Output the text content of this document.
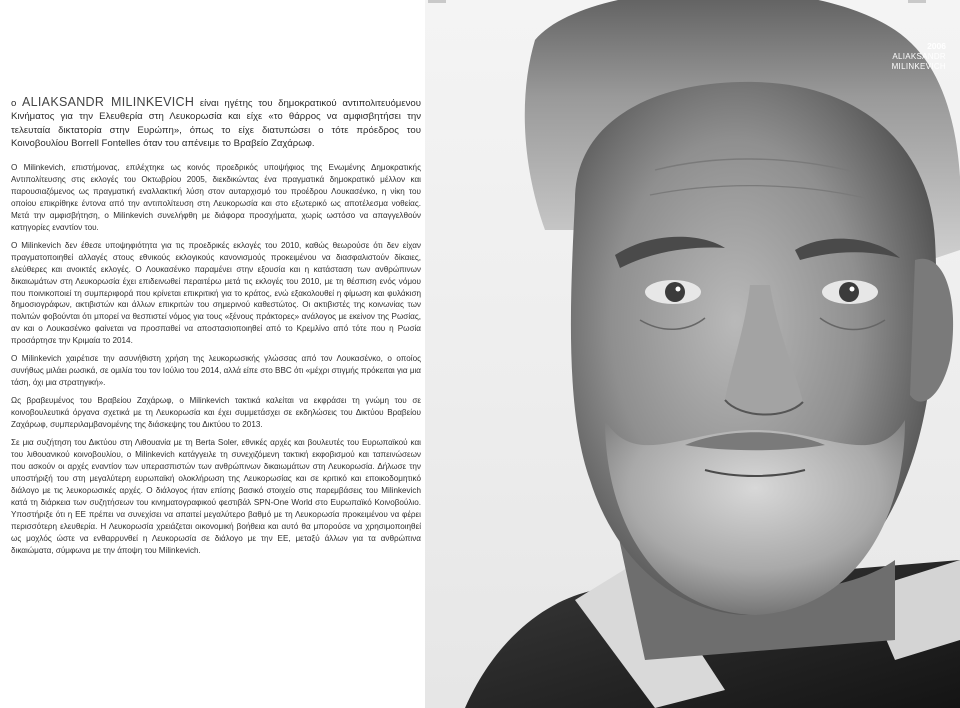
ο ALIAKSANDR MILINKEVICH είναι ηγέτης του δημοκρατικού αντιπολιτευόμενου Κινήματος για την Ελευθερία στη Λευκορωσία και είχε «το θάρρος να αμφισβητήσει την τελευταία δικτατορία στην Ευρώπη», όπως το είχε διατυπώσει ο τότε πρόεδρος του Κοινοβουλίου Borrell Fontelles όταν του απένειμε το Βραβείο Ζαχάρωφ.

Ο Milinkevich, επιστήμονας, επιλέχτηκε ως κοινός προεδρικός υποψήφιος της Ενωμένης Δημοκρατικής Αντιπολίτευσης στις εκλογές του Οκτωβρίου 2005, διεκδικώντας ένα πραγματικά δημοκρατικό μέλλον και παρουσιαζόμενος ως πραγματική εναλλακτική λύση στον αυταρχισμό του προέδρου Λουκασένκο, η νίκη του οποίου επικρίθηκε έντονα από την αντιπολίτευση στη Λευκορωσία και στο εξωτερικό ως αποτέλεσμα νοθείας. Μετά την αμφισβήτηση, ο Milinkevich συνελήφθη με διάφορα προσχήματα, χωρίς ωστόσο να απαγγελθούν κατηγορίες εναντίον του.

Ο Milinkevich δεν έθεσε υποψηφιότητα για τις προεδρικές εκλογές του 2010, καθώς θεωρούσε ότι δεν είχαν πραγματοποιηθεί αλλαγές στους εθνικούς εκλογικούς κανονισμούς προκειμένου να διασφαλιστούν δίκαιες, ελεύθερες και ανοικτές εκλογές. Ο Λουκασένκο παραμένει στην εξουσία και η κατάσταση των ανθρώπινων δικαιωμάτων στη Λευκορωσία έχει επιδεινωθεί περαιτέρω μετά τις εκλογές του 2010, με τη θέσπιση ενός νόμου που ποινικοποιεί τη συμπεριφορά που κρίνεται επικριτική για το κράτος, ενώ εξακολουθεί η φίμωση και φυλάκιση δημοσιογράφων, ακτιβιστών και άλλων επικριτών του σημερινού καθεστώτος. Οι ακτιβιστές της κοινωνίας των πολιτών φοβούνται ότι μπορεί να θεσπιστεί νόμος για τους «ξένους πράκτορες» ανάλογος με εκείνον της Ρωσίας, αν και ο Λουκασένκο φαίνεται να προσπαθεί να αποστασιοποιηθεί από το Κρεμλίνο από τότε που η Ρωσία προσάρτησε την Κριμαία το 2014.

Ο Milinkevich χαιρέτισε την ασυνήθιστη χρήση της λευκορωσικής γλώσσας από τον Λουκασένκο, ο οποίος συνήθως μιλάει ρωσικά, σε ομιλία του τον Ιούλιο του 2014, αλλά είπε στο BBC ότι «μέχρι στιγμής πρόκειται για μια τάση, όχι μια στρατηγική».

Ως βραβευμένος του Βραβείου Ζαχάρωφ, ο Milinkevich τακτικά καλείται να εκφράσει τη γνώμη του σε κοινοβουλευτικά όργανα σχετικά με τη Λευκορωσία και έχει συμμετάσχει σε εκδηλώσεις του Δικτύου Βραβείου Ζαχάρωφ, συμπεριλαμβανομένης της διάσκεψης του Δικτύου το 2013.

Σε μια συζήτηση του Δικτύου στη Λιθουανία με τη Berta Soler, εθνικές αρχές και βουλευτές του Ευρωπαϊκού και του λιθουανικού κοινοβουλίου, ο Milinkevich κατάγγειλε τη συνεχιζόμενη τακτική εκφοβισμού και ταπεινώσεων που ασκούν οι αρχές εναντίον των υπερασπιστών των ανθρώπινων δικαιωμάτων στη Λευκορωσία. Δήλωσε την υποστήριξή του στη μεγαλύτερη ευρωπαϊκή ολοκλήρωση της Λευκορωσίας και σε κριτικό και εποικοδομητικό διάλογο με τις λευκορωσικές αρχές. Ο διάλογος ήταν επίσης βασικό στοιχείο στις παρεμβάσεις του Milinkevich κατά τη διάρκεια των συζητήσεων του κινηματογραφικού φεστιβάλ SPN-One World στο Ευρωπαϊκό Κοινοβούλιο. Υποστήριξε ότι η ΕΕ πρέπει να συνεχίσει να απαιτεί μεγαλύτερο βαθμό με τη Λευκορωσία προκειμένου να φέρει περισσότερη ελευθερία. Η Λευκορωσία χρειάζεται οικονομική βοήθεια και αυτό θα μπορούσε να χρησιμοποιηθεί ως μοχλός ώστε να ενθαρρυνθεί η Λευκορωσία σε διάλογο με την ΕΕ, μεταξύ άλλων για τα ανθρώπινα δικαιώματα, σύμφωνα με την άποψη του Milinkevich.

2006
ALIAKSANDR
MILINKEVICH
